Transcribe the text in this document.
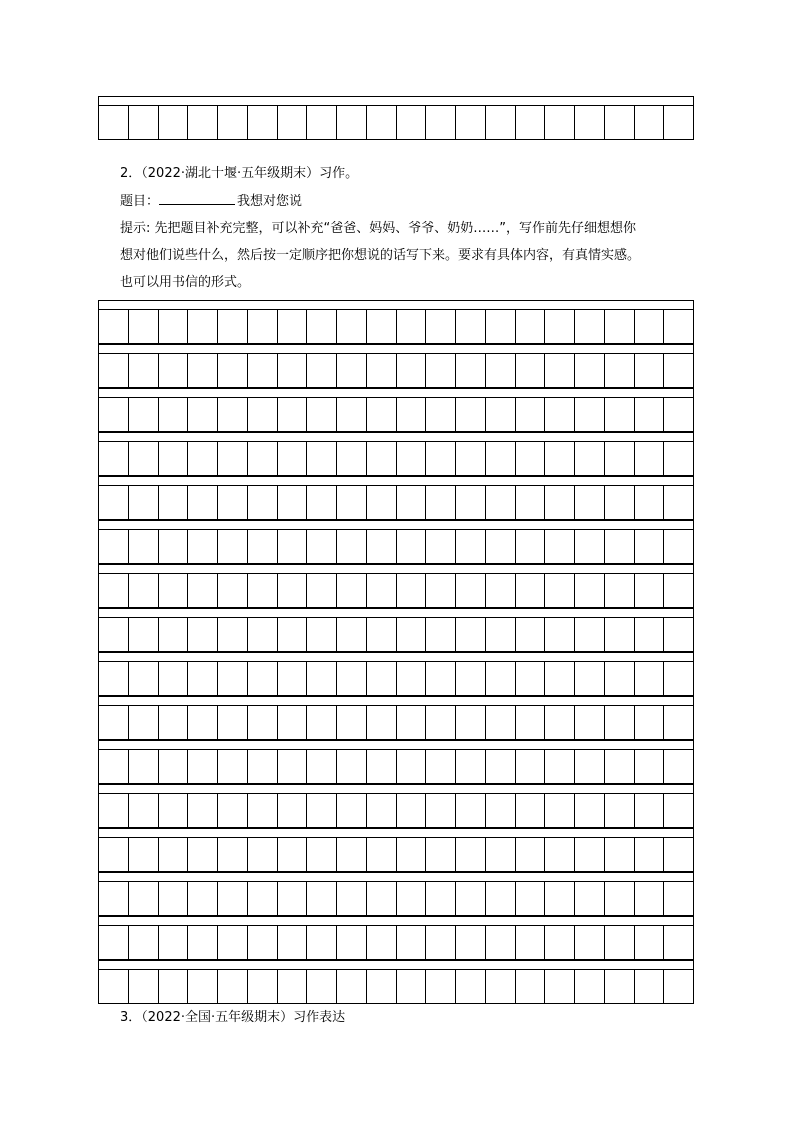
2．（2022·湖北十堰·五年级期末）习作。
题目：	我想对您说
提示: 先把题目补充完整，可以补充“爸爸、妈妈、爷爷、奶奶……”，写作前先仔细想想你
想对他们说些什么，然后按一定顺序把你想说的话写下来。要求有具体内容，有真情实感。
也可以用书信的形式。
3．（2022·全国·五年级期末）习作表达
